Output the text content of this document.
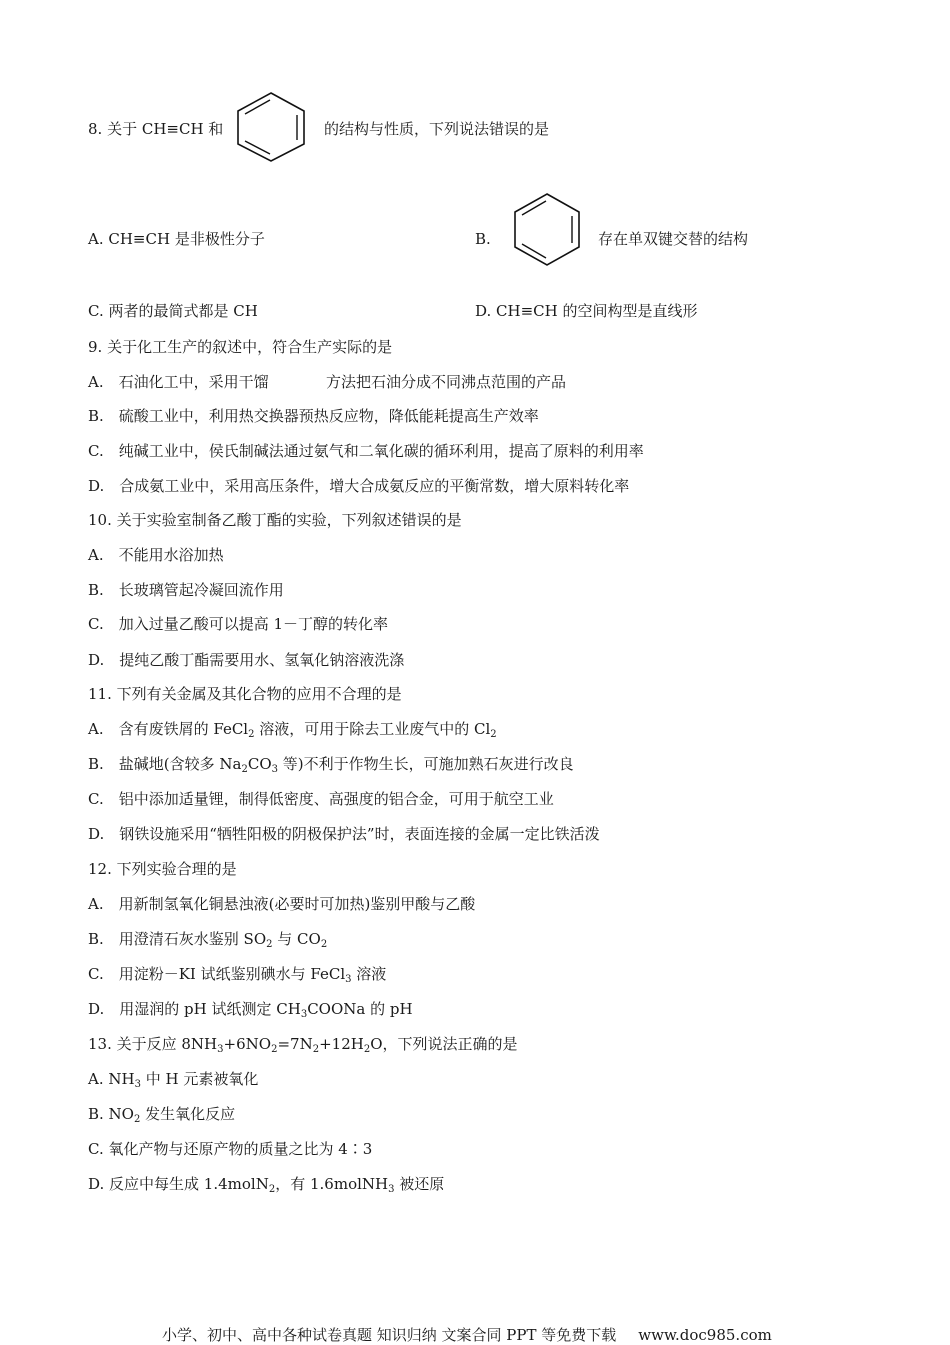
8. 关于 CH≡CH 和	的结构与性质，下列说法错误的是
A. CH≡CH 是非极性分子	B.	存在单双键交替的结构
C. 两者的最简式都是 CH	D. CH≡CH 的空间构型是直线形
9. 关于化工生产的叙述中，符合生产实际的是
A.　石油化工中，采用干馏	方法把石油分成不同沸点范围的产品
B.　硫酸工业中，利用热交换器预热反应物，降低能耗提高生产效率
C.　纯碱工业中，侯氏制碱法通过氨气和二氧化碳的循环利用，提高了原料的利用率
D.　合成氨工业中，采用高压条件，增大合成氨反应的平衡常数，增大原料转化率
10. 关于实验室制备乙酸丁酯的实验，下列叙述错误的是
A.　不能用水浴加热
B.　长玻璃管起冷凝回流作用
C.　加入过量乙酸可以提高 1－丁醇的转化率
D.　提纯乙酸丁酯需要用水、氢氧化钠溶液洗涤
11. 下列有关金属及其化合物的应用不合理的是
A.　含有废铁屑的 FeCl$_2$ 溶液，可用于除去工业废气中的 $Cl_2$
B.　盐碱地(含较多 $Na_2CO_3$ 等)不利于作物生长，可施加熟石灰进行改良
C.　铝中添加适量锂，制得低密度、高强度的铝合金，可用于航空工业
D.　钢铁设施采用“牺牲阳极的阴极保护法”时，表面连接的金属一定比铁活泼
12. 下列实验合理的是
A.　用新制氢氧化铜悬浊液(必要时可加热)鉴别甲酸与乙酸
B.　用澄清石灰水鉴别 $SO_2$ 与 $CO_2$
C.　用淀粉－KI 试纸鉴别碘水与 FeCl$_3$ 溶液
D.　用湿润的 pH 试纸测定 $CH_3COONa$ 的 pH
13. 关于反应 $8NH_3+6NO_2=7N_2+12H_2O$，下列说法正确的是
A. $NH_3$ 中 H 元素被氧化
B. $NO_2$ 发生氧化反应
C. 氧化产物与还原产物的质量之比为 4∶3
D. 反应中每生成 1.4molN$_2$，有 1.6molNH$_3$ 被还原
小学、初中、高中各种试卷真题 知识归纳 文案合同 PPT 等免费下载 www.doc985.com
